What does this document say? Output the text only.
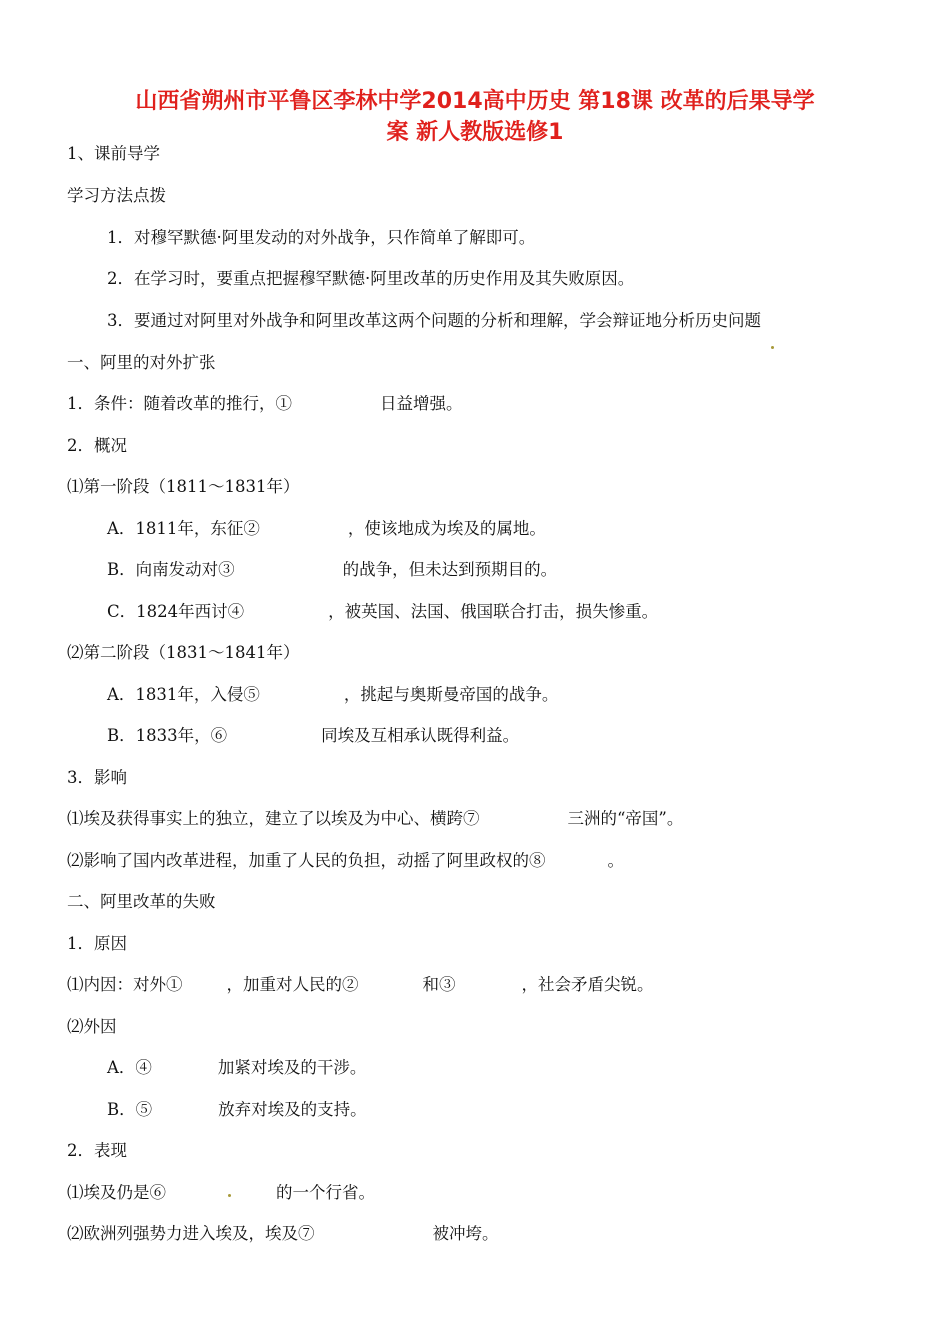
山西省朔州市平鲁区李林中学2014高中历史 第18课 改革的后果导学
案 新人教版选修1
1、课前导学
学习方法点拨
1．对穆罕默德·阿里发动的对外战争，只作简单了解即可。
2．在学习时，要重点把握穆罕默德·阿里改革的历史作用及其失败原因。
3．要通过对阿里对外战争和阿里改革这两个问题的分析和理解，学会辩证地分析历史问题
一、阿里的对外扩张
1．条件：随着改革的推行，①	日益增强。
2．概况
⑴第一阶段（1811～1831年）
A．1811年，东征②	，使该地成为埃及的属地。
B．向南发动对③	的战争，但未达到预期目的。
C．1824年西讨④	，被英国、法国、俄国联合打击，损失惨重。
⑵第二阶段（1831～1841年）
A．1831年，入侵⑤	，挑起与奥斯曼帝国的战争。
B．1833年，⑥	同埃及互相承认既得利益。
3．影响
⑴埃及获得事实上的独立，建立了以埃及为中心、横跨⑦	三洲的“帝国”。
⑵影响了国内改革进程，加重了人民的负担，动摇了阿里政权的⑧	。
二、阿里改革的失败
1．原因
⑴内因：对外①	，加重对人民的②	和③	，社会矛盾尖锐。
⑵外因
A．④	加紧对埃及的干涉。
B．⑤	放弃对埃及的支持。
2．表现
⑴埃及仍是⑥	的一个行省。
⑵欧洲列强势力进入埃及，埃及⑦	被冲垮。
